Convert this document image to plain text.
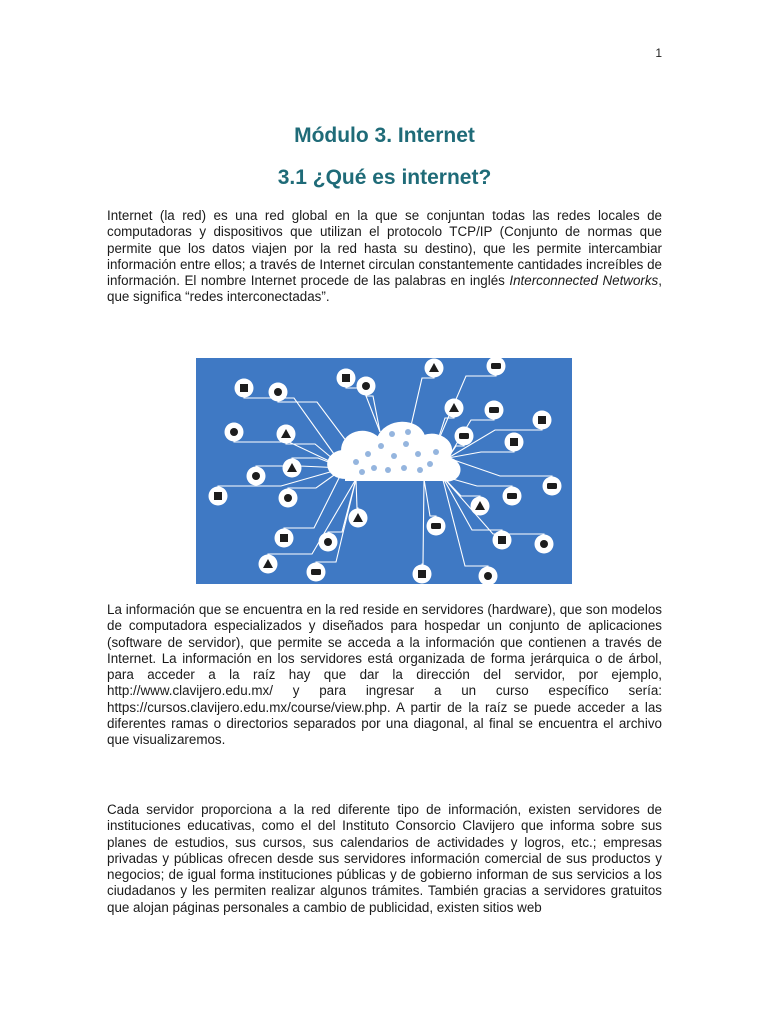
1
Módulo 3. Internet
3.1 ¿Qué es internet?

Internet (la red) es una red global en la que se conjuntan todas las redes locales de computadoras y dispositivos que utilizan el protocolo TCP/IP (Conjunto de normas que permite que los datos viajen por la red hasta su destino), que les permite intercambiar información entre ellos; a través de Internet circulan constantemente cantidades increíbles de información. El nombre Internet procede de las palabras en inglés Interconnected Networks, que significa “redes interconectadas”.

La información que se encuentra en la red reside en servidores (hardware), que son modelos de computadora especializados y diseñados para hospedar un conjunto de aplicaciones (software de servidor), que permite se acceda a la información que contienen a través de Internet. La información en los servidores está organizada de forma jerárquica o de árbol, para acceder a la raíz hay que dar la dirección del servidor, por ejemplo, http://www.clavijero.edu.mx/ y para ingresar a un curso específico sería: https://cursos.clavijero.edu.mx/course/view.php. A partir de la raíz se puede acceder a las diferentes ramas o directorios separados por una diagonal, al final se encuentra el archivo que visualizaremos.

Cada servidor proporciona a la red diferente tipo de información, existen servidores de instituciones educativas, como el del Instituto Consorcio Clavijero que informa sobre sus planes de estudios, sus cursos, sus calendarios de actividades y logros, etc.; empresas privadas y públicas ofrecen desde sus servidores información comercial de sus productos y negocios; de igual forma instituciones públicas y de gobierno informan de sus servicios a los ciudadanos y les permiten realizar algunos trámites. También gracias a servidores gratuitos que alojan páginas personales a cambio de publicidad, existen sitios web
